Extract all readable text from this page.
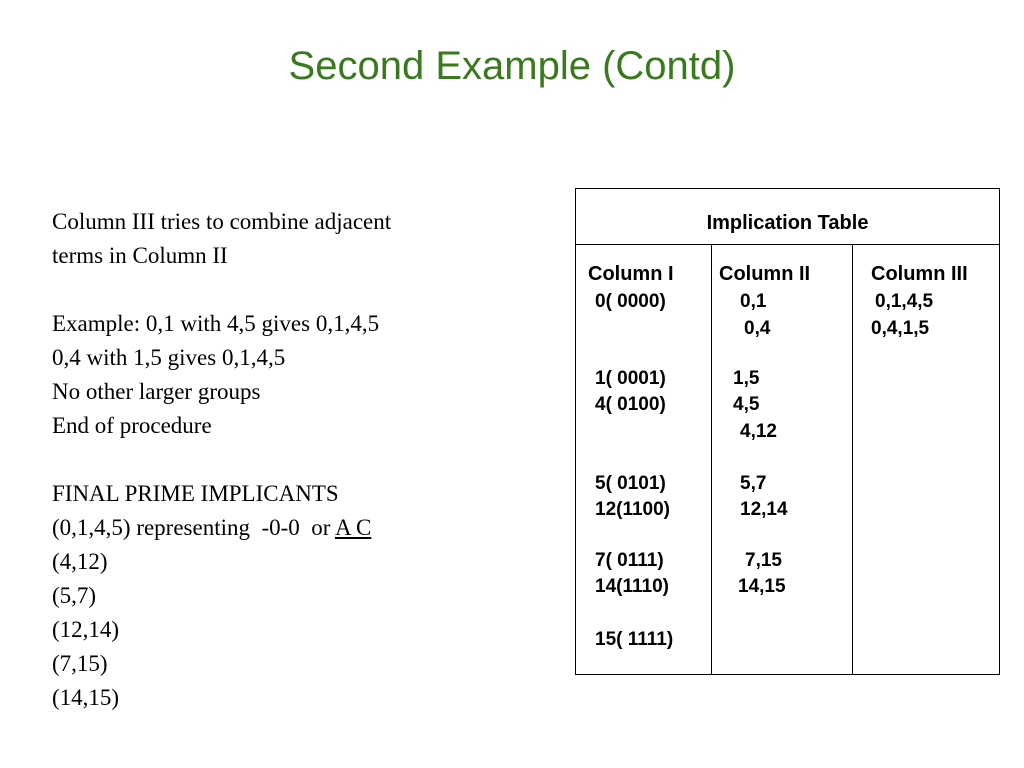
Second Example (Contd)
Column III tries to combine adjacent
terms in Column II
Example: 0,1 with 4,5 gives 0,1,4,5
0,4 with 1,5 gives 0,1,4,5
No other larger groups
End of procedure
FINAL PRIME IMPLICANTS
(0,1,4,5) representing  -0-0  or A C
(4,12)
(5,7)
(12,14)
(7,15)
(14,15)
Implication Table
Column I Column II	Column III
0( 0000)
1( 0001)
4( 0100)
5( 0101)
12(1100)
7( 0111)
14(1110)
15( 1111)
0,1
0,4
1,5
4,5
4,12
5,7
12,14
7,15
14,15
0,1,4,5
0,4,1,5
